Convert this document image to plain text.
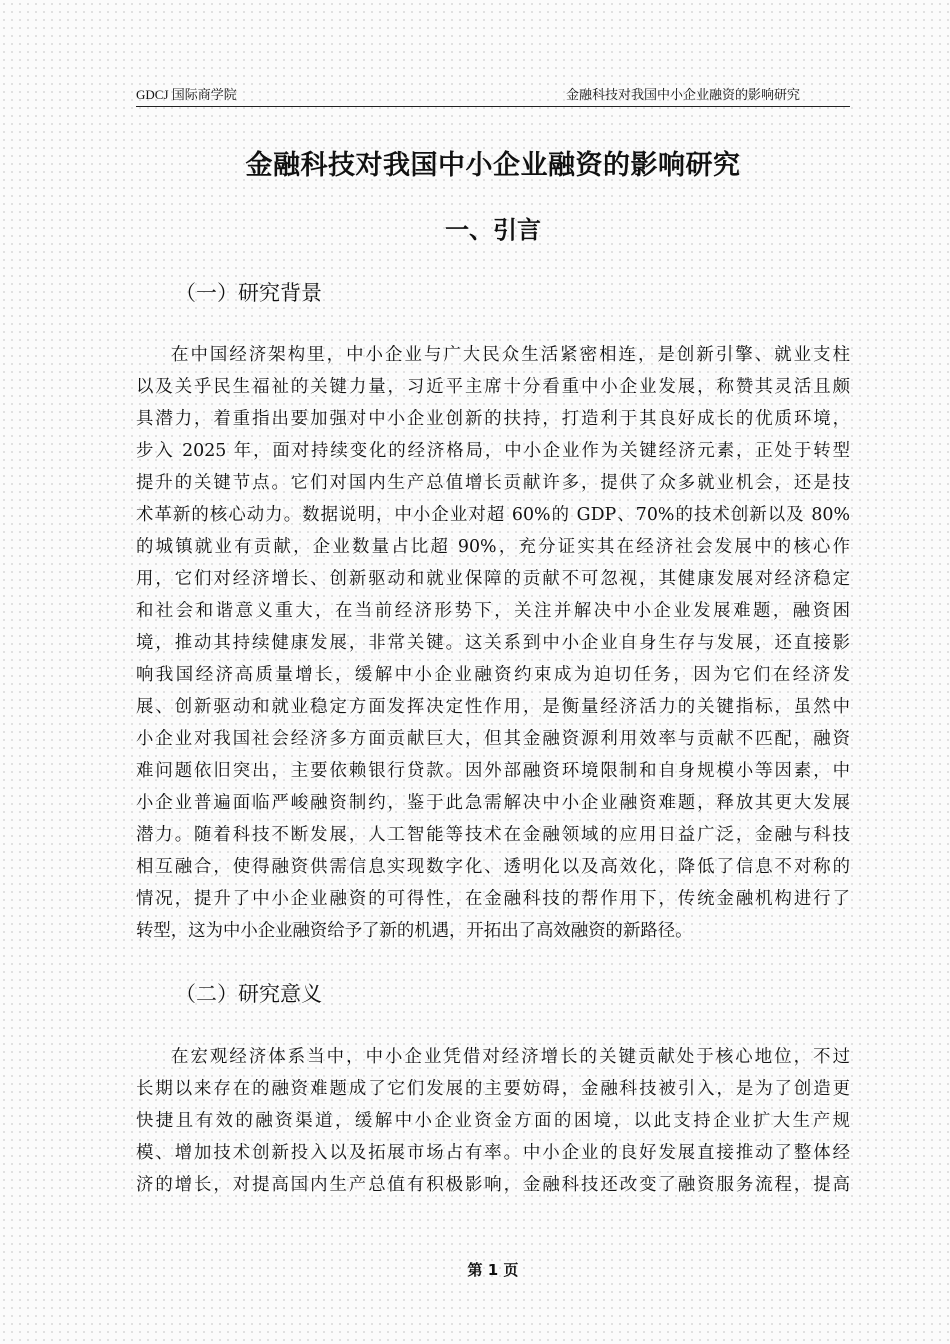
GDCJ 国际商学院	金融科技对我国中小企业融资的影响研究
金融科技对我国中小企业融资的影响研究
一、引言
（一）研究背景
在中国经济架构里，中小企业与广大民众生活紧密相连，是创新引擎、就业支柱
以及关乎民生福祉的关键力量，习近平主席十分看重中小企业发展，称赞其灵活且颇
具潜力，着重指出要加强对中小企业创新的扶持，打造利于其良好成长的优质环境，
步入 2025 年，面对持续变化的经济格局，中小企业作为关键经济元素，正处于转型
提升的关键节点。它们对国内生产总值增长贡献许多，提供了众多就业机会，还是技
术革新的核心动力。数据说明，中小企业对超 60%的 GDP、70%的技术创新以及 80%
的城镇就业有贡献，企业数量占比超 90%，充分证实其在经济社会发展中的核心作
用，它们对经济增长、创新驱动和就业保障的贡献不可忽视，其健康发展对经济稳定
和社会和谐意义重大，在当前经济形势下，关注并解决中小企业发展难题，融资困
境，推动其持续健康发展，非常关键。这关系到中小企业自身生存与发展，还直接影
响我国经济高质量增长，缓解中小企业融资约束成为迫切任务，因为它们在经济发
展、创新驱动和就业稳定方面发挥决定性作用，是衡量经济活力的关键指标，虽然中
小企业对我国社会经济多方面贡献巨大，但其金融资源利用效率与贡献不匹配，融资
难问题依旧突出，主要依赖银行贷款。因外部融资环境限制和自身规模小等因素，中
小企业普遍面临严峻融资制约，鉴于此急需解决中小企业融资难题，释放其更大发展
潜力。随着科技不断发展，人工智能等技术在金融领域的应用日益广泛，金融与科技
相互融合，使得融资供需信息实现数字化、透明化以及高效化，降低了信息不对称的
情况，提升了中小企业融资的可得性，在金融科技的帮作用下，传统金融机构进行了
转型，这为中小企业融资给予了新的机遇，开拓出了高效融资的新路径。
（二）研究意义
在宏观经济体系当中，中小企业凭借对经济增长的关键贡献处于核心地位，不过
长期以来存在的融资难题成了它们发展的主要妨碍，金融科技被引入，是为了创造更
快捷且有效的融资渠道，缓解中小企业资金方面的困境，以此支持企业扩大生产规
模、增加技术创新投入以及拓展市场占有率。中小企业的良好发展直接推动了整体经
济的增长，对提高国内生产总值有积极影响，金融科技还改变了融资服务流程，提高
第 1 页
